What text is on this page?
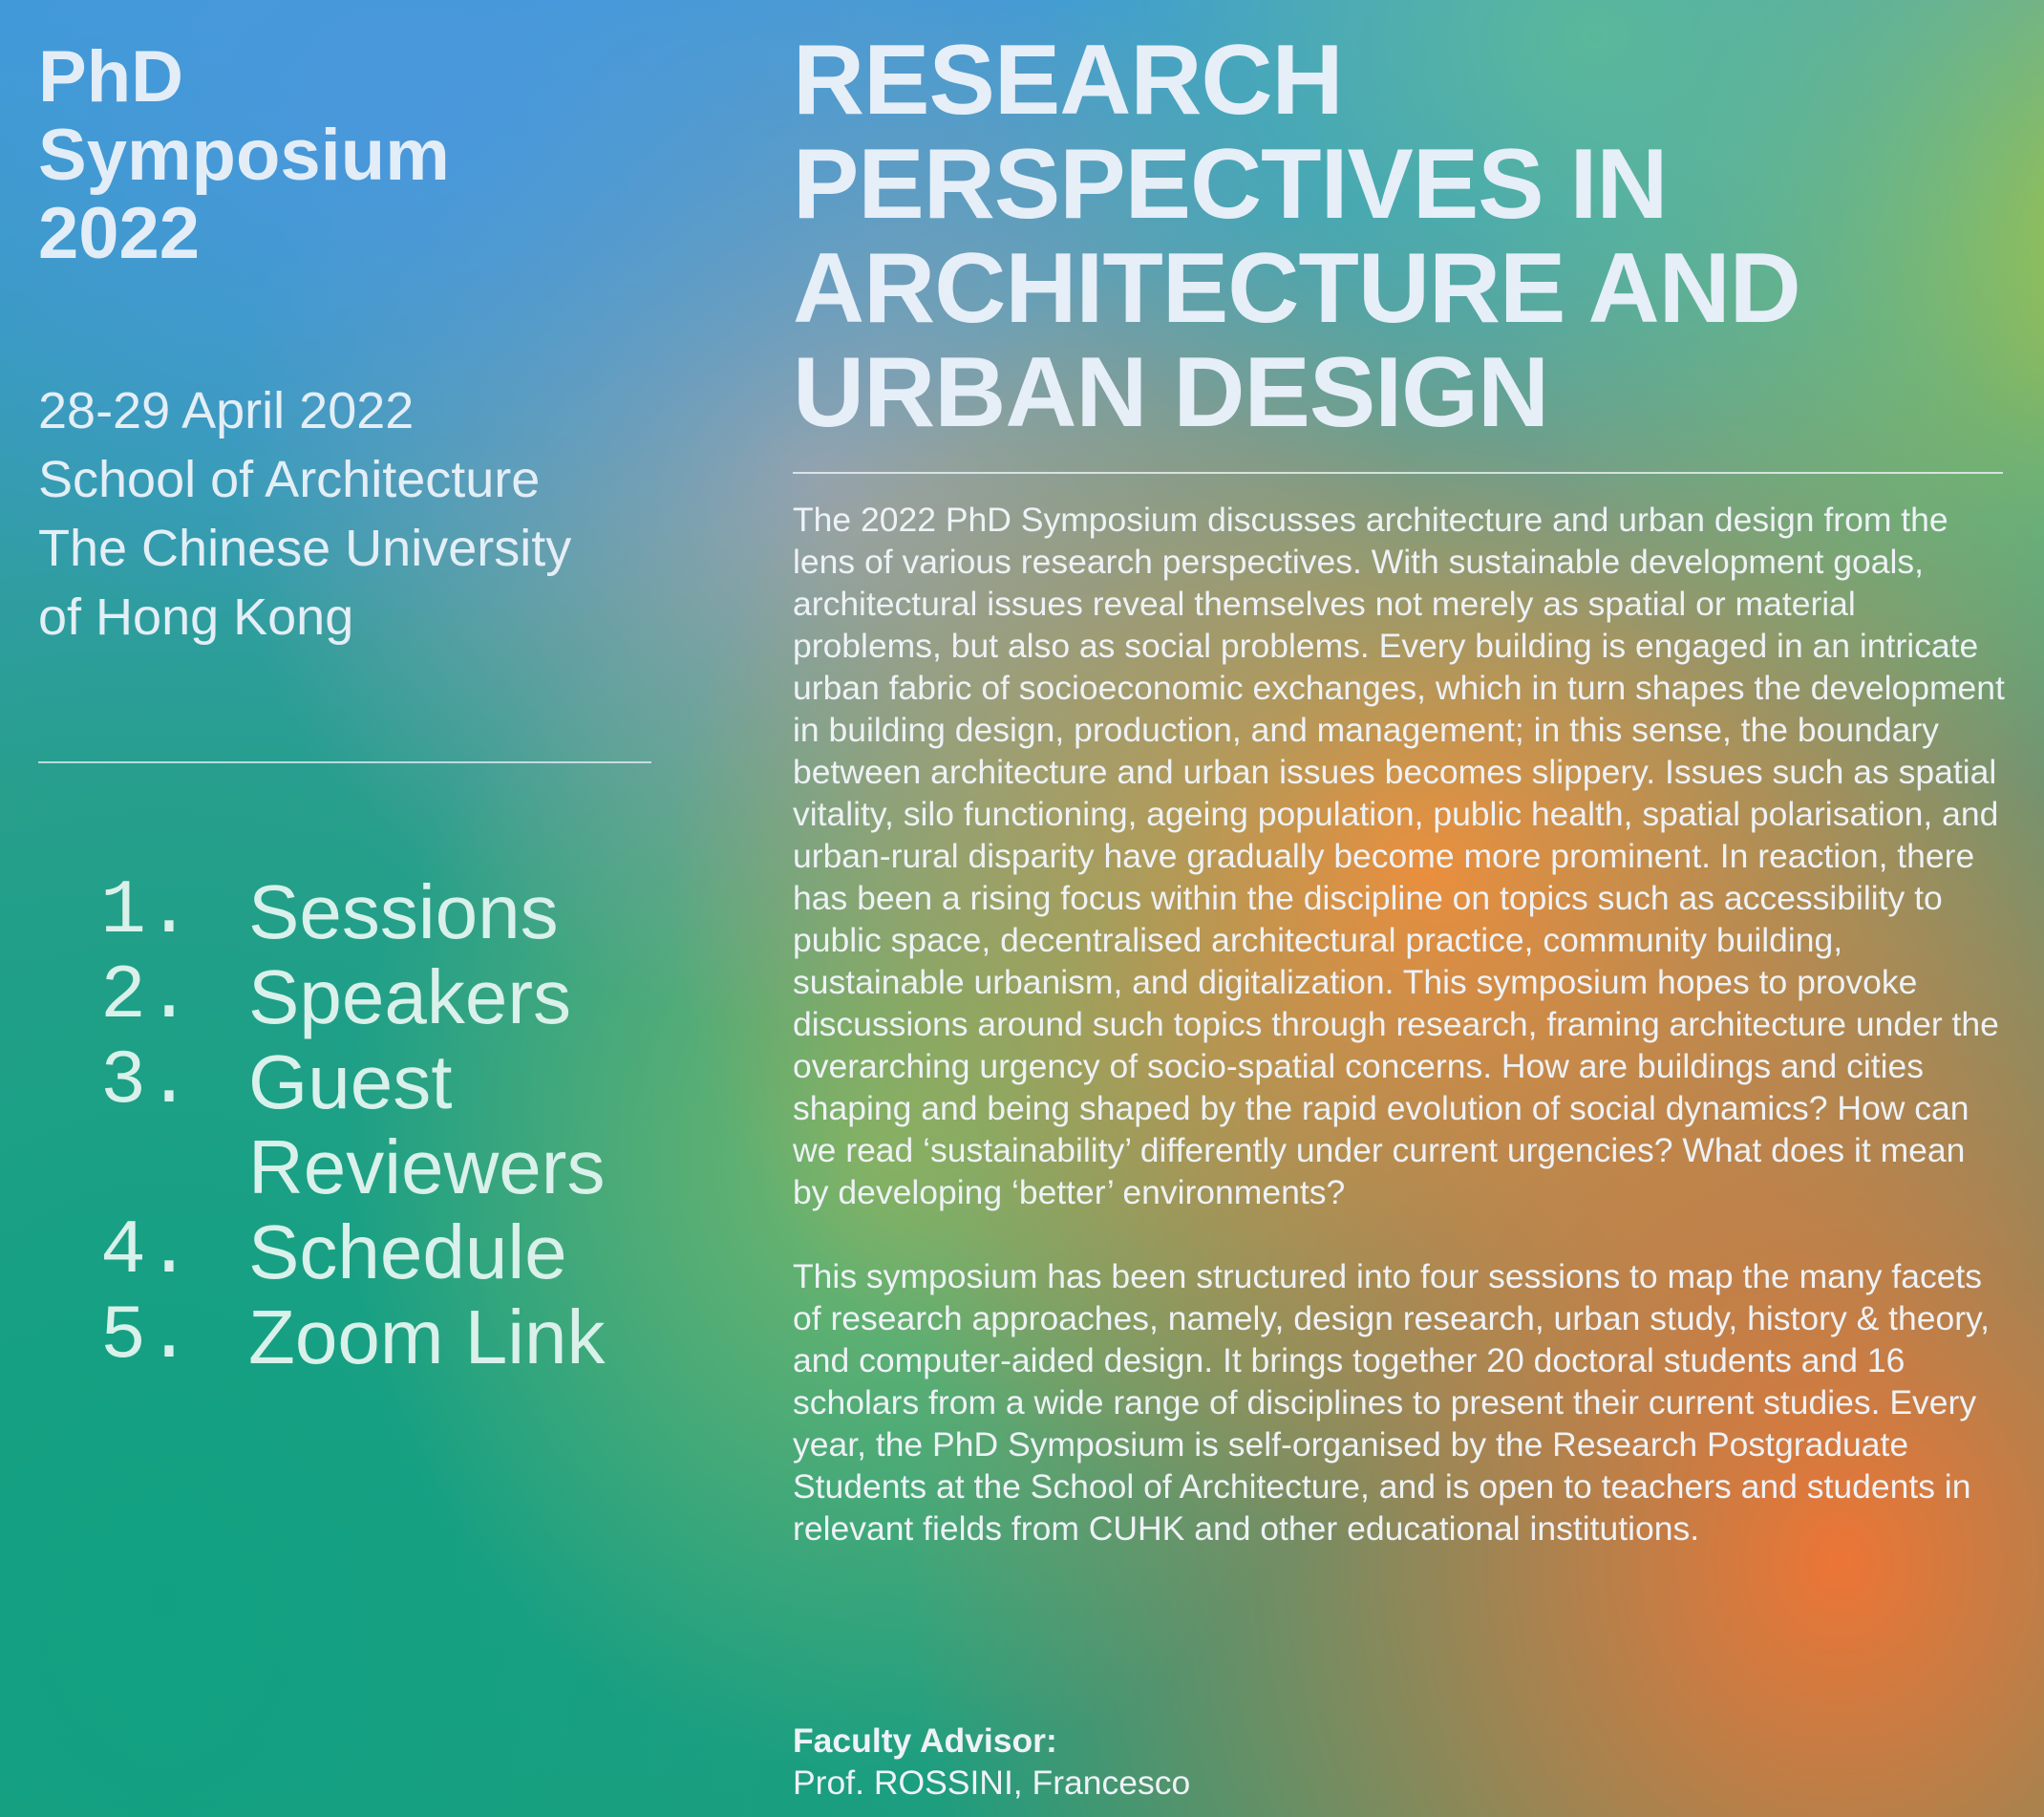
PhD
Symposium
2022
28-29 April 2022
School of Architecture
The Chinese University
of Hong Kong
1. Sessions
2. Speakers
3. Guest Reviewers
4. Schedule
5. Zoom Link
RESEARCH
PERSPECTIVES IN
ARCHITECTURE AND
URBAN DESIGN

The 2022 PhD Symposium discusses architecture and urban design from the lens of various research perspectives. With sustainable development goals, architectural issues reveal themselves not merely as spatial or material problems, but also as social problems. Every building is engaged in an intricate urban fabric of socioeconomic exchanges, which in turn shapes the development in building design, production, and management; in this sense, the boundary between architecture and urban issues becomes slippery. Issues such as spatial vitality, silo functioning, ageing population, public health, spatial polarisation, and urban-rural disparity have gradually become more prominent. In reaction, there has been a rising focus within the discipline on topics such as accessibility to public space, decentralised architectural practice, community building, sustainable urbanism, and digitalization. This symposium hopes to provoke discussions around such topics through research, framing architecture under the overarching urgency of socio-spatial concerns. How are buildings and cities shaping and being shaped by the rapid evolution of social dynamics? How can we read ‘sustainability’ differently under current urgencies? What does it mean by developing ‘better’ environments?

This symposium has been structured into four sessions to map the many facets of research approaches, namely, design research, urban study, history & theory, and computer-aided design. It brings together 20 doctoral students and 16 scholars from a wide range of disciplines to present their current studies. Every year, the PhD Symposium is self-organised by the Research Postgraduate Students at the School of Architecture, and is open to teachers and students in relevant fields from CUHK and other educational institutions.

Faculty Advisor:
Prof. ROSSINI, Francesco
